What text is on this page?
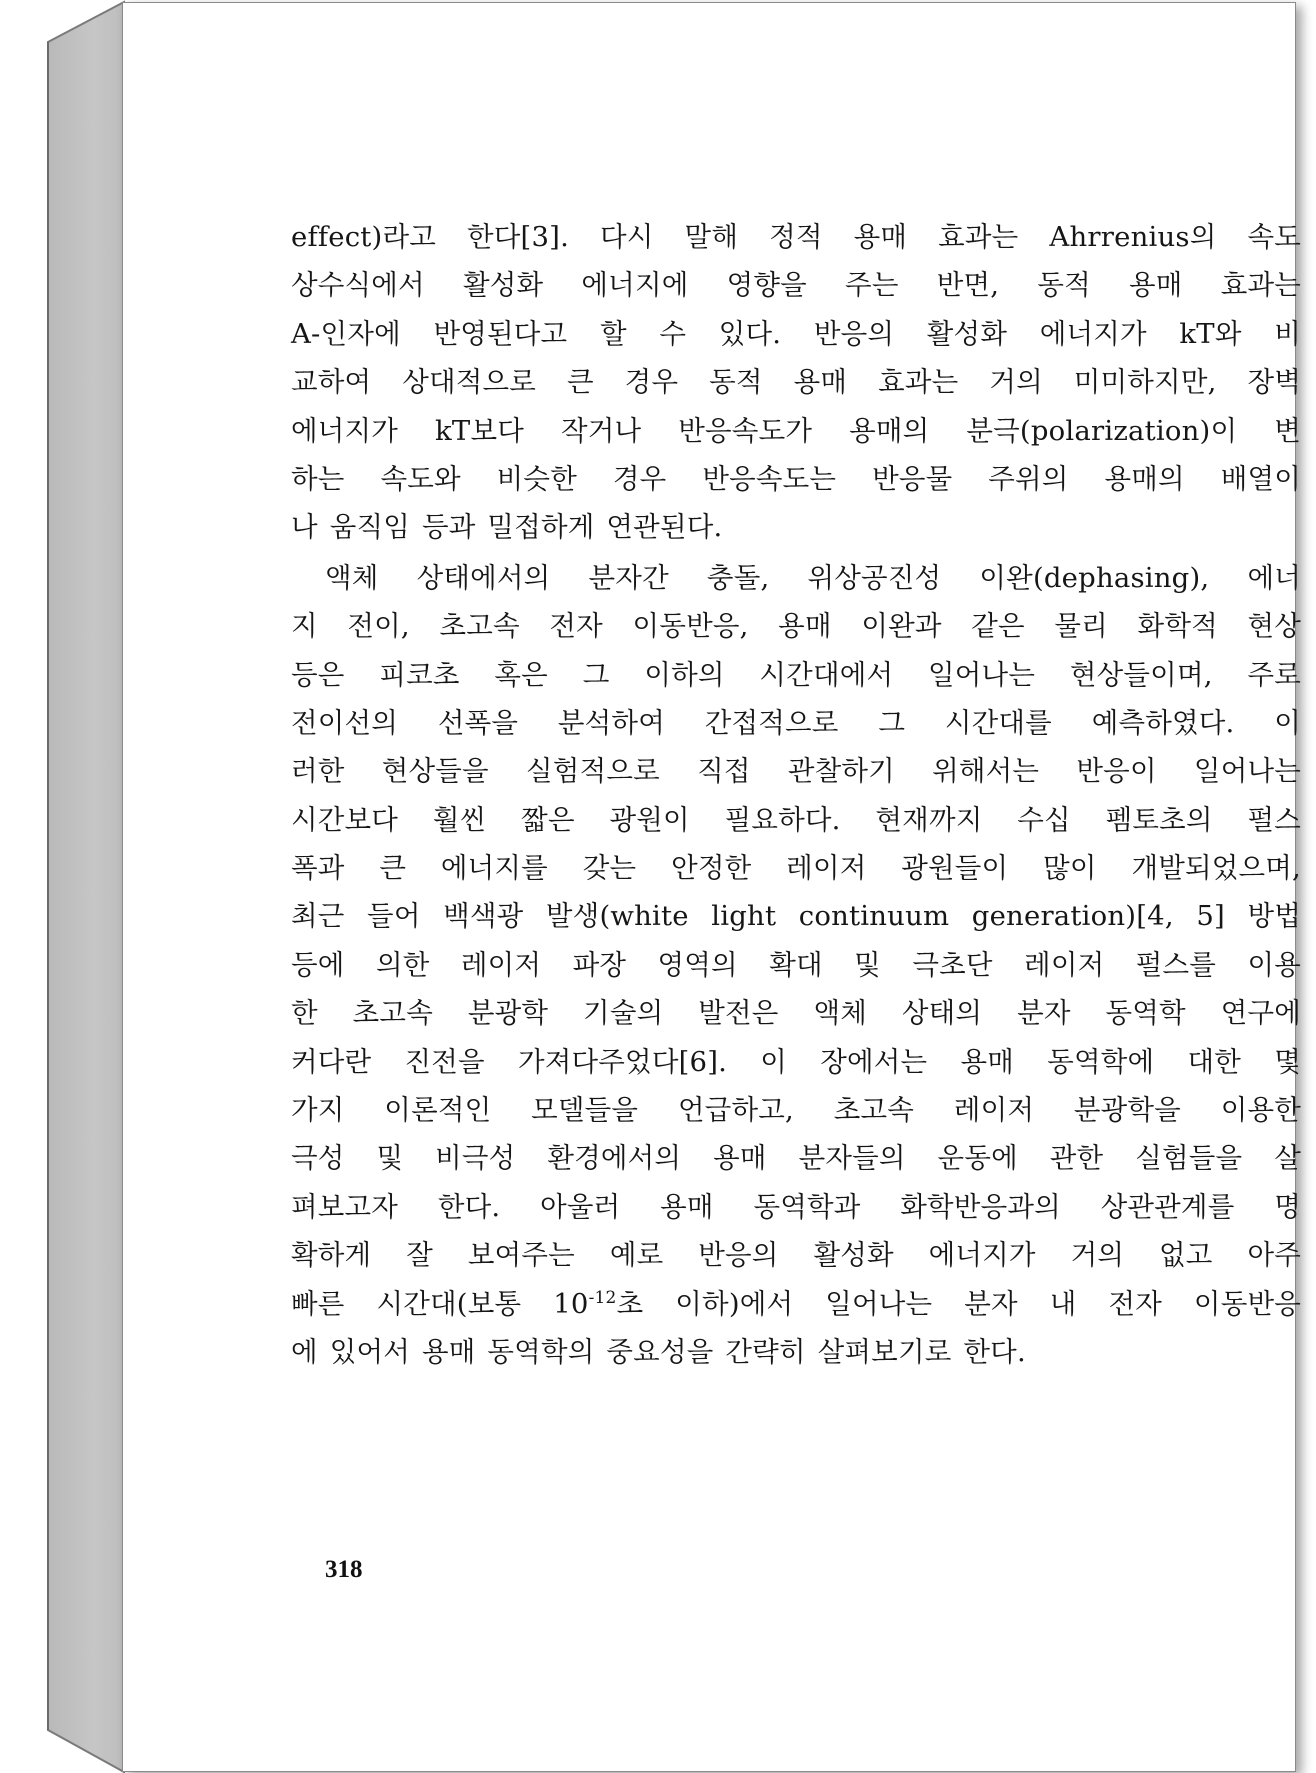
effect)라고 한다[3]. 다시 말해 정적 용매 효과는 Ahrrenius의 속도
상수식에서 활성화 에너지에 영향을 주는 반면, 동적 용매 효과는
A-인자에 반영된다고 할 수 있다. 반응의 활성화 에너지가 kT와 비
교하여 상대적으로 큰 경우 동적 용매 효과는 거의 미미하지만, 장벽
에너지가 kT보다 작거나 반응속도가 용매의 분극(polarization)이 변
하는 속도와 비슷한 경우 반응속도는 반응물 주위의 용매의 배열이
나 움직임 등과 밀접하게 연관된다.
액체 상태에서의 분자간 충돌, 위상공진성 이완(dephasing), 에너
지 전이, 초고속 전자 이동반응, 용매 이완과 같은 물리 화학적 현상
등은 피코초 혹은 그 이하의 시간대에서 일어나는 현상들이며, 주로
전이선의 선폭을 분석하여 간접적으로 그 시간대를 예측하였다. 이
러한 현상들을 실험적으로 직접 관찰하기 위해서는 반응이 일어나는
시간보다 훨씬 짧은 광원이 필요하다. 현재까지 수십 펨토초의 펄스
폭과 큰 에너지를 갖는 안정한 레이저 광원들이 많이 개발되었으며,
최근 들어 백색광 발생(white light continuum generation)[4, 5] 방법
등에 의한 레이저 파장 영역의 확대 및 극초단 레이저 펄스를 이용
한 초고속 분광학 기술의 발전은 액체 상태의 분자 동역학 연구에
커다란 진전을 가져다주었다[6]. 이 장에서는 용매 동역학에 대한 몇
가지 이론적인 모델들을 언급하고, 초고속 레이저 분광학을 이용한
극성 및 비극성 환경에서의 용매 분자들의 운동에 관한 실험들을 살
펴보고자 한다. 아울러 용매 동역학과 화학반응과의 상관관계를 명
확하게 잘 보여주는 예로 반응의 활성화 에너지가 거의 없고 아주
빠른 시간대(보통 $10^{-12}$초 이하)에서 일어나는 분자 내 전자 이동반응
에 있어서 용매 동역학의 중요성을 간략히 살펴보기로 한다.
318
